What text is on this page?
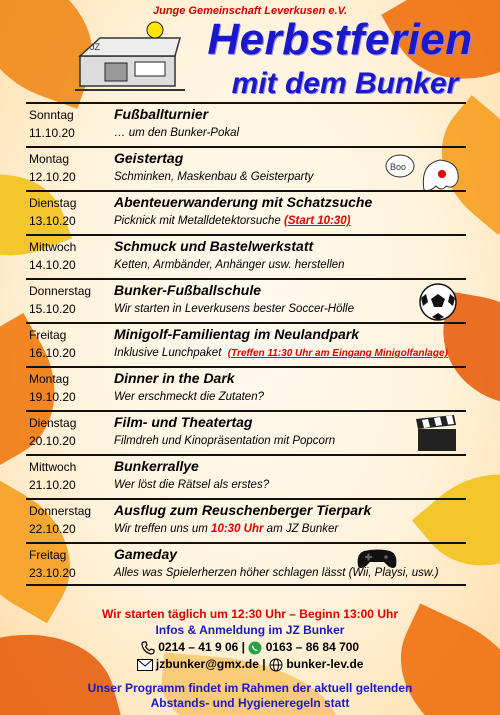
Junge Gemeinschaft Leverkusen e.V.
JZ	Herbstferien
mit dem Bunker
Sonntag
11.10.20
Fußballturnier
… um den Bunker-Pokal
Montag
12.10.20
Geistertag
Schminken, Maskenbau & Geisterparty
Boo
Dienstag
13.10.20
Abenteuerwanderung mit Schatzsuche
Picknick mit Metalldetektorsuche (Start 10:30)
Mittwoch
14.10.20
Schmuck und Bastelwerkstatt
Ketten, Armbänder, Anhänger usw. herstellen
Donnerstag
15.10.20
Bunker-Fußballschule
Wir starten in Leverkusens bester Soccer-Hölle
Freitag
16.10.20
Minigolf-Familientag im Neulandpark
Inklusive Lunchpaket (Treffen 11:30 Uhr am Eingang Minigolfanlage)
Montag
19.10.20
Dinner in the Dark
Wer erschmeckt die Zutaten?
Dienstag
20.10.20
Film- und Theatertag
Filmdreh und Kinopräsentation mit Popcorn
Mittwoch
21.10.20
Bunkerrallye
Wer löst die Rätsel als erstes?
Donnerstag
22.10.20
Ausflug zum Reuschenberger Tierpark
Wir treffen uns um 10:30 Uhr am JZ Bunker
Freitag
23.10.20
Gameday
Alles was Spielerherzen höher schlagen lässt (Wii, Playsi, usw.)
Wir starten täglich um 12:30 Uhr – Beginn 13:00 Uhr
Infos & Anmeldung im JZ Bunker
0214 – 41 9 06 |  0163 – 86 84 700
jzbunker@gmx.de |  bunker-lev.de
Unser Programm findet im Rahmen der aktuell geltenden
Abstands- und Hygieneregeln statt
